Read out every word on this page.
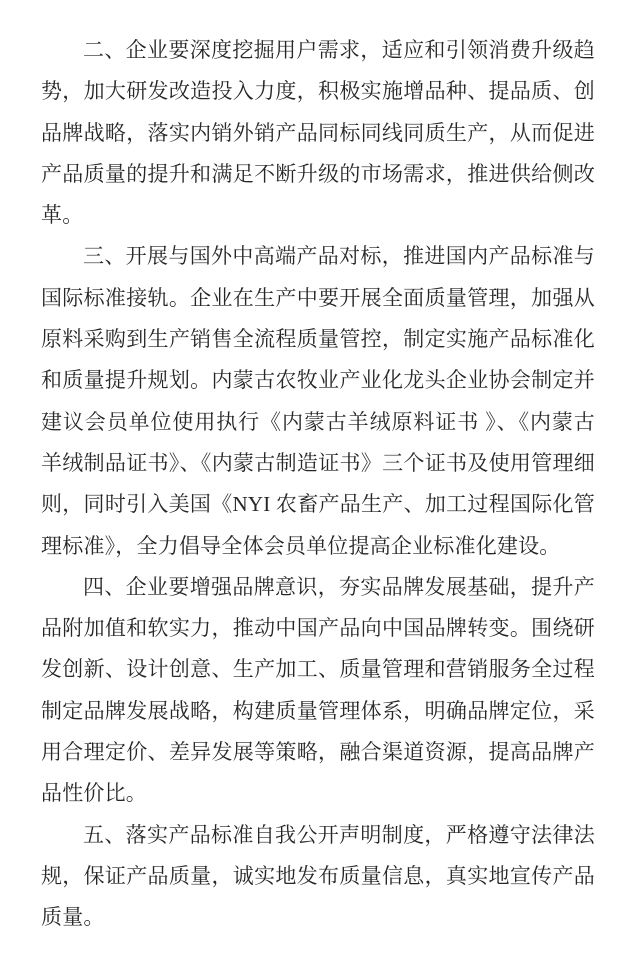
二、企业要深度挖掘用户需求，适应和引领消费升级趋
势，加大研发改造投入力度，积极实施增品种、提品质、创
品牌战略，落实内销外销产品同标同线同质生产，从而促进
产品质量的提升和满足不断升级的市场需求，推进供给侧改
革。
三、开展与国外中高端产品对标，推进国内产品标准与
国际标准接轨。企业在生产中要开展全面质量管理，加强从
原料采购到生产销售全流程质量管控，制定实施产品标准化
和质量提升规划。内蒙古农牧业产业化龙头企业协会制定并
建议会员单位使用执行《内蒙古羊绒原料证书 》、《内蒙古
羊绒制品证书》、《内蒙古制造证书》三个证书及使用管理细
则，同时引入美国《NYI 农畜产品生产、加工过程国际化管
理标准》，全力倡导全体会员单位提高企业标准化建设。
四、企业要增强品牌意识，夯实品牌发展基础，提升产
品附加值和软实力，推动中国产品向中国品牌转变。围绕研
发创新、设计创意、生产加工、质量管理和营销服务全过程
制定品牌发展战略，构建质量管理体系，明确品牌定位，采
用合理定价、差异发展等策略，融合渠道资源，提高品牌产
品性价比。
五、落实产品标准自我公开声明制度，严格遵守法律法
规，保证产品质量，诚实地发布质量信息，真实地宣传产品
质量。
